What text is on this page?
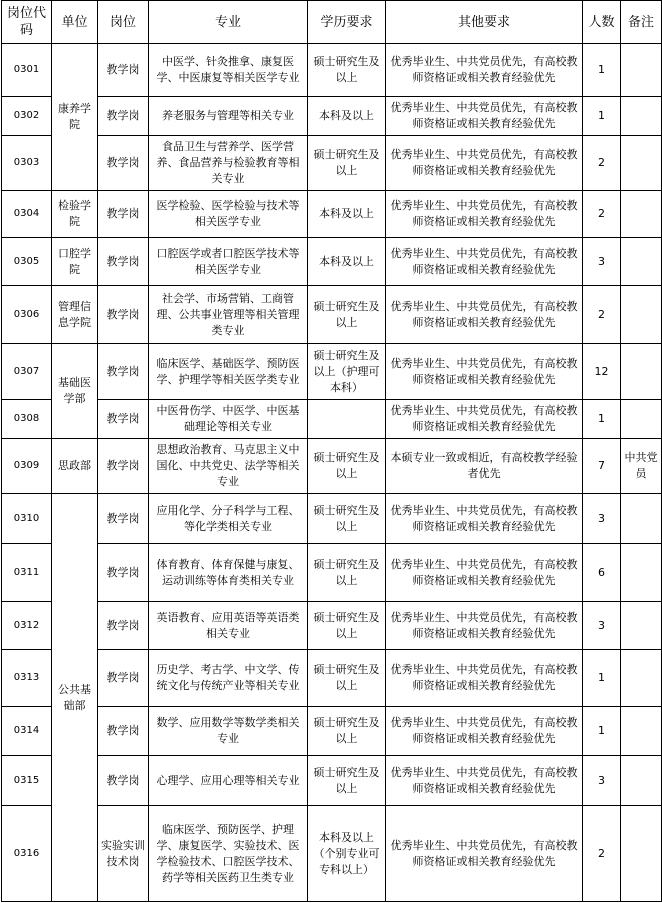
岗位代码	单位	岗位	专业	学历要求	其他要求	人数	备注
0301	康养学院	教学岗	中医学、针灸推拿、康复医学、中医康复等相关医学专业	硕士研究生及以上	优秀毕业生、中共党员优先，有高校教师资格证或相关教育经验优先	1	
0302		教学岗	养老服务与管理等相关专业	本科及以上	优秀毕业生、中共党员优先，有高校教师资格证或相关教育经验优先	1	
0303		教学岗	食品卫生与营养学、医学营养、食品营养与检验教育等相关专业	硕士研究生及以上	优秀毕业生、中共党员优先，有高校教师资格证或相关教育经验优先	2	
0304	检验学院	教学岗	医学检验、医学检验与技术等相关医学专业	本科及以上	优秀毕业生、中共党员优先，有高校教师资格证或相关教育经验优先	2	
0305	口腔学院	教学岗	口腔医学或者口腔医学技术等相关医学专业	本科及以上	优秀毕业生、中共党员优先，有高校教师资格证或相关教育经验优先	3	
0306	管理信息学院	教学岗	社会学、市场营销、工商管理、公共事业管理等相关管理类专业	硕士研究生及以上	优秀毕业生、中共党员优先，有高校教师资格证或相关教育经验优先	2	
0307	基础医学部	教学岗	临床医学、基础医学、预防医学、护理学等相关医学类专业	硕士研究生及以上（护理可本科）	优秀毕业生、中共党员优先，有高校教师资格证或相关教育经验优先	12	
0308		教学岗	中医骨伤学、中医学、中医基础理论等相关专业		优秀毕业生、中共党员优先，有高校教师资格证或相关教育经验优先	1	
0309	思政部	教学岗	思想政治教育、马克思主义中国化、中共党史、法学等相关专业	硕士研究生及以上	本硕专业一致或相近，有高校教学经验者优先	7	中共党员
0310	公共基础部	教学岗	应用化学、分子科学与工程、等化学类相关专业	硕士研究生及以上	优秀毕业生、中共党员优先，有高校教师资格证或相关教育经验优先	3	
0311		教学岗	体育教育、体育保健与康复、运动训练等体育类相关专业	硕士研究生及以上	优秀毕业生、中共党员优先，有高校教师资格证或相关教育经验优先	6	
0312		教学岗	英语教育、应用英语等英语类相关专业	硕士研究生及以上	优秀毕业生、中共党员优先，有高校教师资格证或相关教育经验优先	3	
0313		教学岗	历史学、考古学、中文学、传统文化与传统产业等相关专业	硕士研究生及以上	优秀毕业生、中共党员优先，有高校教师资格证或相关教育经验优先	1	
0314		教学岗	数学、应用数学等数学类相关专业	硕士研究生及以上	优秀毕业生、中共党员优先，有高校教师资格证或相关教育经验优先	1	
0315		教学岗	心理学、应用心理等相关专业	硕士研究生及以上	优秀毕业生、中共党员优先，有高校教师资格证或相关教育经验优先	3	
0316		实验实训技术岗	临床医学、预防医学、护理学、康复医学、实验技术、医学检验技术、口腔医学技术、药学等相关医药卫生类专业	本科及以上（个别专业可专科以上）	优秀毕业生、中共党员优先，有高校教师资格证或相关教育经验优先	2	
